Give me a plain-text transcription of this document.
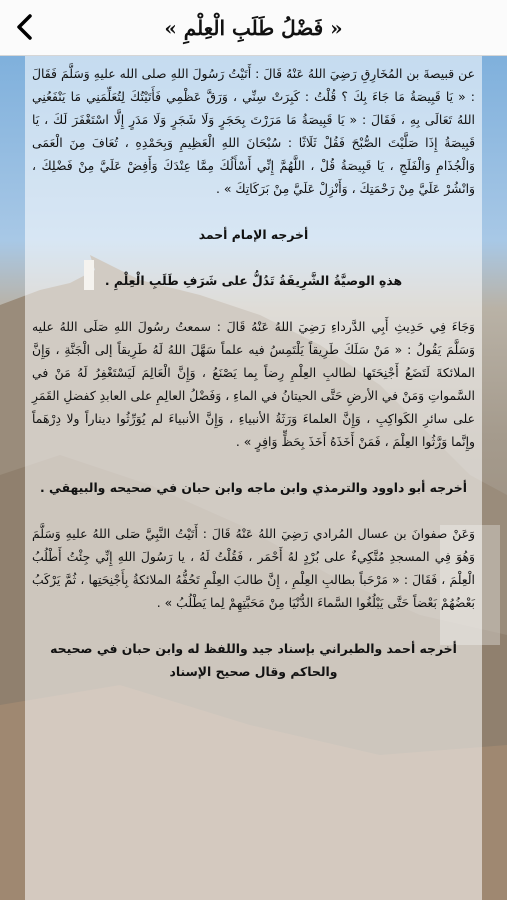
« فَضْلُ طَلَبِ الْعِلْمِ »

عن قبيصةَ بن المُخَارِقِ رَضِيَ اللهُ عَنْهُ قَالَ : أَتَيْتُ رَسُولَ اللهِ صلى الله عليهِ وَسَلَّمَ فَقَالَ : « يَا قَبِيصَةُ مَا جَاءَ بِكَ ؟ قُلْتُ : كَبِرَتْ سِنِّي ، وَرَقَّ عَظْمِي فَأَتَيْتُكَ لِتُعَلِّمَنِي مَا يَنْفَعُنِي اللهُ تَعَالَى بِهِ ، فَقَالَ : « يَا قَبِيصَةُ مَا مَرَرْتَ بِحَجَرٍ وَلَا شَجَرٍ وَلَا مَدَرٍ إِلَّا اسْتَغْفَرَ لَكَ ، يَا قَبِيصَةُ إِذَا صَلَّيْتَ الصُّبْحَ فَقُلْ ثَلَاثًا : سُبْحَانَ اللهِ الْعَظِيمِ وَبِحَمْدِهِ ، تُعَافَ مِنَ الْعَمَى وَالْجُذَامِ وَالْفَلَجِ ، يَا قَبِيصَةُ قُلْ ، اللَّهُمَّ إِنِّي أَسْأَلُكَ مِمَّا عِنْدَكَ وَأَفِضْ عَلَيَّ مِنْ فَضْلِكَ ، وَانْشُرْ عَلَيَّ مِنْ رَحْمَتِكَ ، وَأَنْزِلْ عَلَيَّ مِنْ بَرَكَاتِكَ » .

أخرجه الإمام أحمد

هذهِ الوصيَّةُ الشَّرِيفَةُ تَدُلُّ على شَرَفِ طَلَبِ الْعِلْمِ .

وَجَاءَ فِي حَدِيثِ أَبِي الدَّرداءِ رَضِيَ اللهُ عَنْهُ قَالَ : سمعتُ رسُولَ اللهِ صَلَى اللهُ عليه وَسَلَّمَ يَقُولُ : « مَنْ سَلَكَ طَرِيقاً يَلْتَمِسُ فيه علماً سَهَّلَ اللهُ لَهُ طَرِيقاً إلى الْجَنَّةِ ، وَإِنَّ الملائكةَ لَتَضَعُ أَجْنِحَتَها لطالبِ العِلْمِ رِضاً بِما يَصْنَعُ ، وَإِنَّ الْعَالِمَ لَيَسْتَغْفِرُ لَهُ مَنْ في السَّمواتِ وَمَنْ في الأرضِ حَتَّى الحيتانُ في الماءِ ، وَفَضْلُ العالِمِ على العابدِ كفضلِ القَمَرِ على سائرِ الكَواكِبِ ، وَإِنَّ العلماءَ وَرَثَةُ الأنبياءِ ، وَإِنَّ الأنبياءَ لم يُوَرِّثُوا ديناراً ولا دِرْهَماً وإِنَّما وَرَّثُوا العِلْمَ ، فَمَنْ أَخَذَهُ أَخَذَ بِحَظٍّ وَافِرٍ » .

أخرجه أبو داوود والترمذي وابن ماجه وابن حبان في صحيحه والبيهقي .

وَعَنْ صفوانَ بن عسال المُرادي رَضِيَ اللهُ عَنْهُ قَالَ : أَتَيْتُ النَّبِيَّ صَلى اللهُ عليهِ وَسَلَّمَ وَهُوَ فِي المسجدِ مُتَّكِيءٌ على بُرْدٍ لهُ أَحْمَر ، فَقُلْتُ لَهُ ، يا رَسُولَ اللهِ إِنِّي جِئْتُ أَطْلُبُ الْعِلْمَ ، فَقَالَ : « مَرْحَباً بطالبِ العِلْمِ ، إِنَّ طالبَ العِلْمِ تَحُفُّهُ الملائكةُ بِأَجْنِحَتِها ، ثُمَّ يَرْكَبُ بَعْضُهُمْ بَعْضاً حَتَّى يَبْلُغُوا السَّماءَ الدُّنْيَا مِنْ مَحَبَّتِهِمْ لِما يَطْلُبُ » .

أخرجه أحمد والطبراني بإسناد جيد واللفظ له وابن حبان في صحيحه والحاكم وقال صحيح الإسناد
